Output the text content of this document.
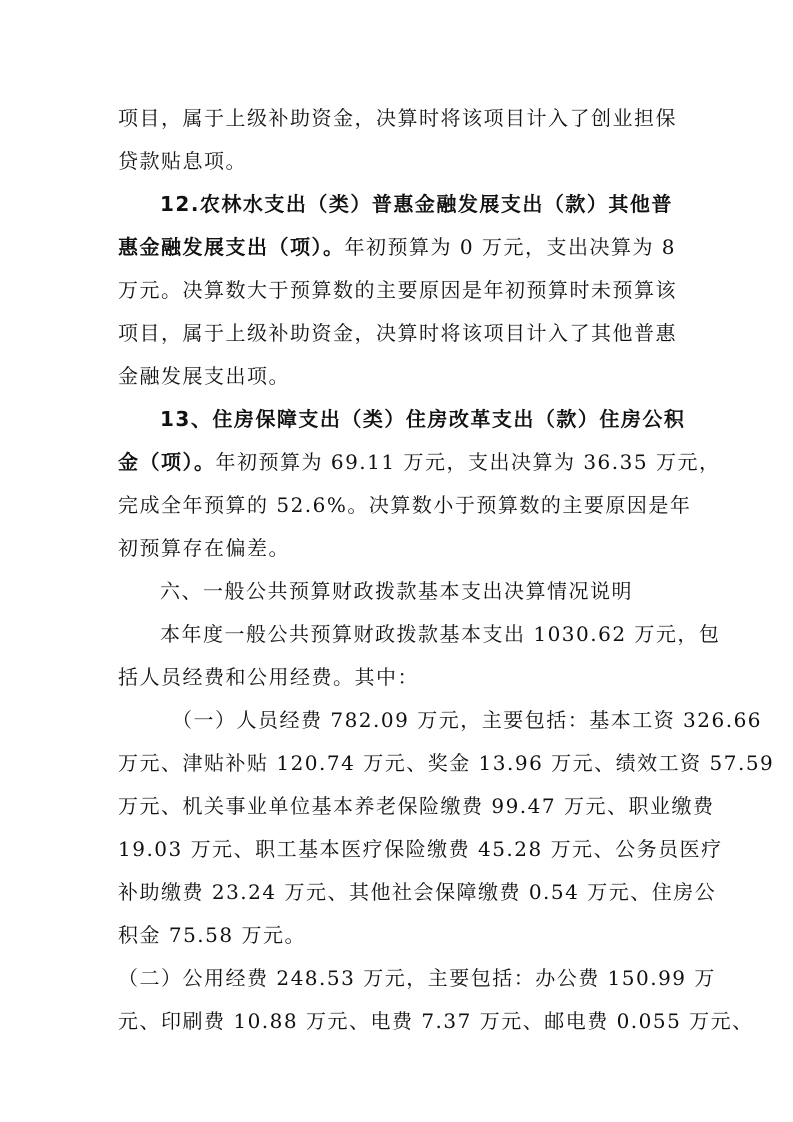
项目，属于上级补助资金，决算时将该项目计入了创业担保
贷款贴息项。
12.农林水支出（类）普惠金融发展支出（款）其他普
惠金融发展支出（项）。年初预算为 0 万元，支出决算为 8
万元。决算数大于预算数的主要原因是年初预算时未预算该
项目，属于上级补助资金，决算时将该项目计入了其他普惠
金融发展支出项。
13、住房保障支出（类）住房改革支出（款）住房公积
金（项）。年初预算为 69.11 万元，支出决算为 36.35 万元，
完成全年预算的 52.6%。决算数小于预算数的主要原因是年
初预算存在偏差。
六、一般公共预算财政拨款基本支出决算情况说明
本年度一般公共预算财政拨款基本支出 1030.62 万元，包
括人员经费和公用经费。其中：
（一）人员经费 782.09 万元，主要包括：基本工资 326.66
万元、津贴补贴 120.74 万元、奖金 13.96 万元、绩效工资 57.59
万元、机关事业单位基本养老保险缴费 99.47 万元、职业缴费
19.03 万元、职工基本医疗保险缴费 45.28 万元、公务员医疗
补助缴费 23.24 万元、其他社会保障缴费 0.54 万元、住房公
积金 75.58 万元。
（二）公用经费 248.53 万元，主要包括：办公费 150.99 万
元、印刷费 10.88 万元、电费 7.37 万元、邮电费 0.055 万元、
